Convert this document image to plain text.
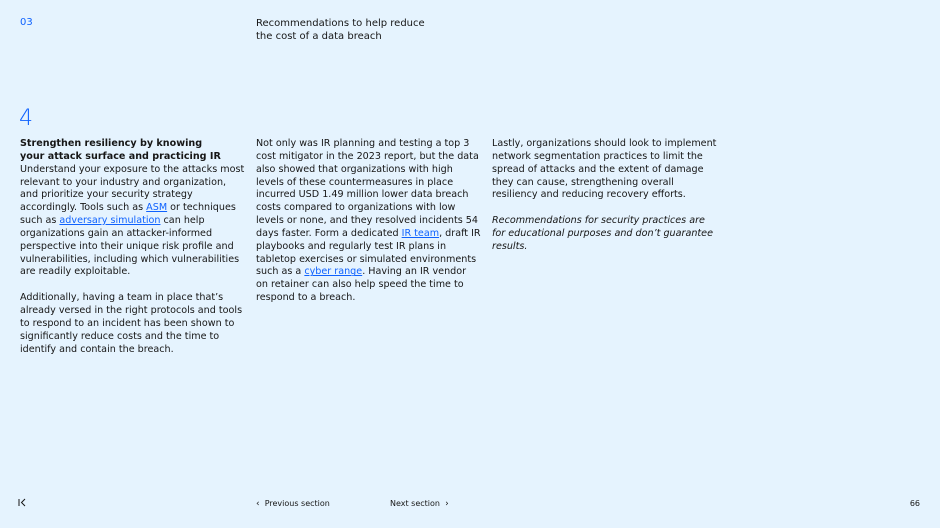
03	Recommendations to help reduce
the cost of a data breach
4

Strengthen resiliency by knowing
your attack surface and practicing IR
Understand your exposure to the attacks most relevant to your industry and organization, and prioritize your security strategy accordingly. Tools such as ASM or techniques such as adversary simulation can help organizations gain an attacker-informed perspective into their unique risk profile and vulnerabilities, including which vulnerabilities are readily exploitable.

Additionally, having a team in place that’s already versed in the right protocols and tools to respond to an incident has been shown to significantly reduce costs and the time to identify and contain the breach.

Not only was IR planning and testing a top 3 cost mitigator in the 2023 report, but the data also showed that organizations with high levels of these countermeasures in place incurred USD 1.49 million lower data breach costs compared to organizations with low levels or none, and they resolved incidents 54 days faster. Form a dedicated IR team, draft IR playbooks and regularly test IR plans in tabletop exercises or simulated environments such as a cyber range. Having an IR vendor on retainer can also help speed the time to respond to a breach.

Lastly, organizations should look to implement network segmentation practices to limit the spread of attacks and the extent of damage they can cause, strengthening overall resiliency and reducing recovery efforts.

Recommendations for security practices are for educational purposes and don’t guarantee results.

‹ Previous section	Next section ›	66
